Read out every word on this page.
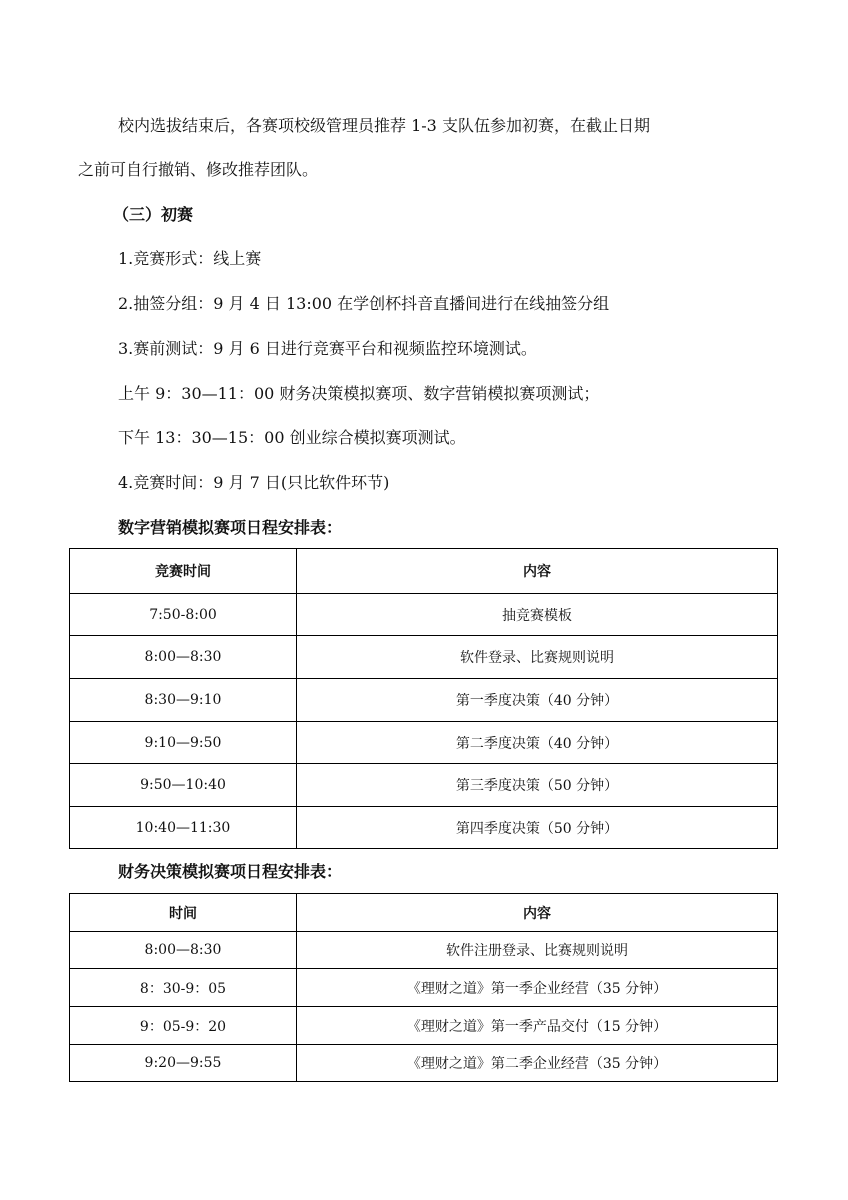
校内选拔结束后，各赛项校级管理员推荐 1-3 支队伍参加初赛，在截止日期
之前可自行撤销、修改推荐团队。
（三）初赛
1.竞赛形式：线上赛
2.抽签分组：9 月 4 日 13:00 在学创杯抖音直播间进行在线抽签分组
3.赛前测试：9 月 6 日进行竞赛平台和视频监控环境测试。
上午 9：30—11：00 财务决策模拟赛项、数字营销模拟赛项测试；
下午 13：30—15：00 创业综合模拟赛项测试。
4.竞赛时间：9 月 7 日(只比软件环节)
数字营销模拟赛项日程安排表：
竞赛时间	内容
7:50-8:00	抽竞赛模板
8:00—8:30	软件登录、比赛规则说明
8:30—9:10	第一季度决策（40 分钟）
9:10—9:50	第二季度决策（40 分钟）
9:50—10:40	第三季度决策（50 分钟）
10:40—11:30	第四季度决策（50 分钟）
财务决策模拟赛项日程安排表：
时间	内容
8:00—8:30	软件注册登录、比赛规则说明
8：30-9：05	《理财之道》第一季企业经营（35 分钟）
9：05-9：20	《理财之道》第一季产品交付（15 分钟）
9:20—9:55	《理财之道》第二季企业经营（35 分钟）
